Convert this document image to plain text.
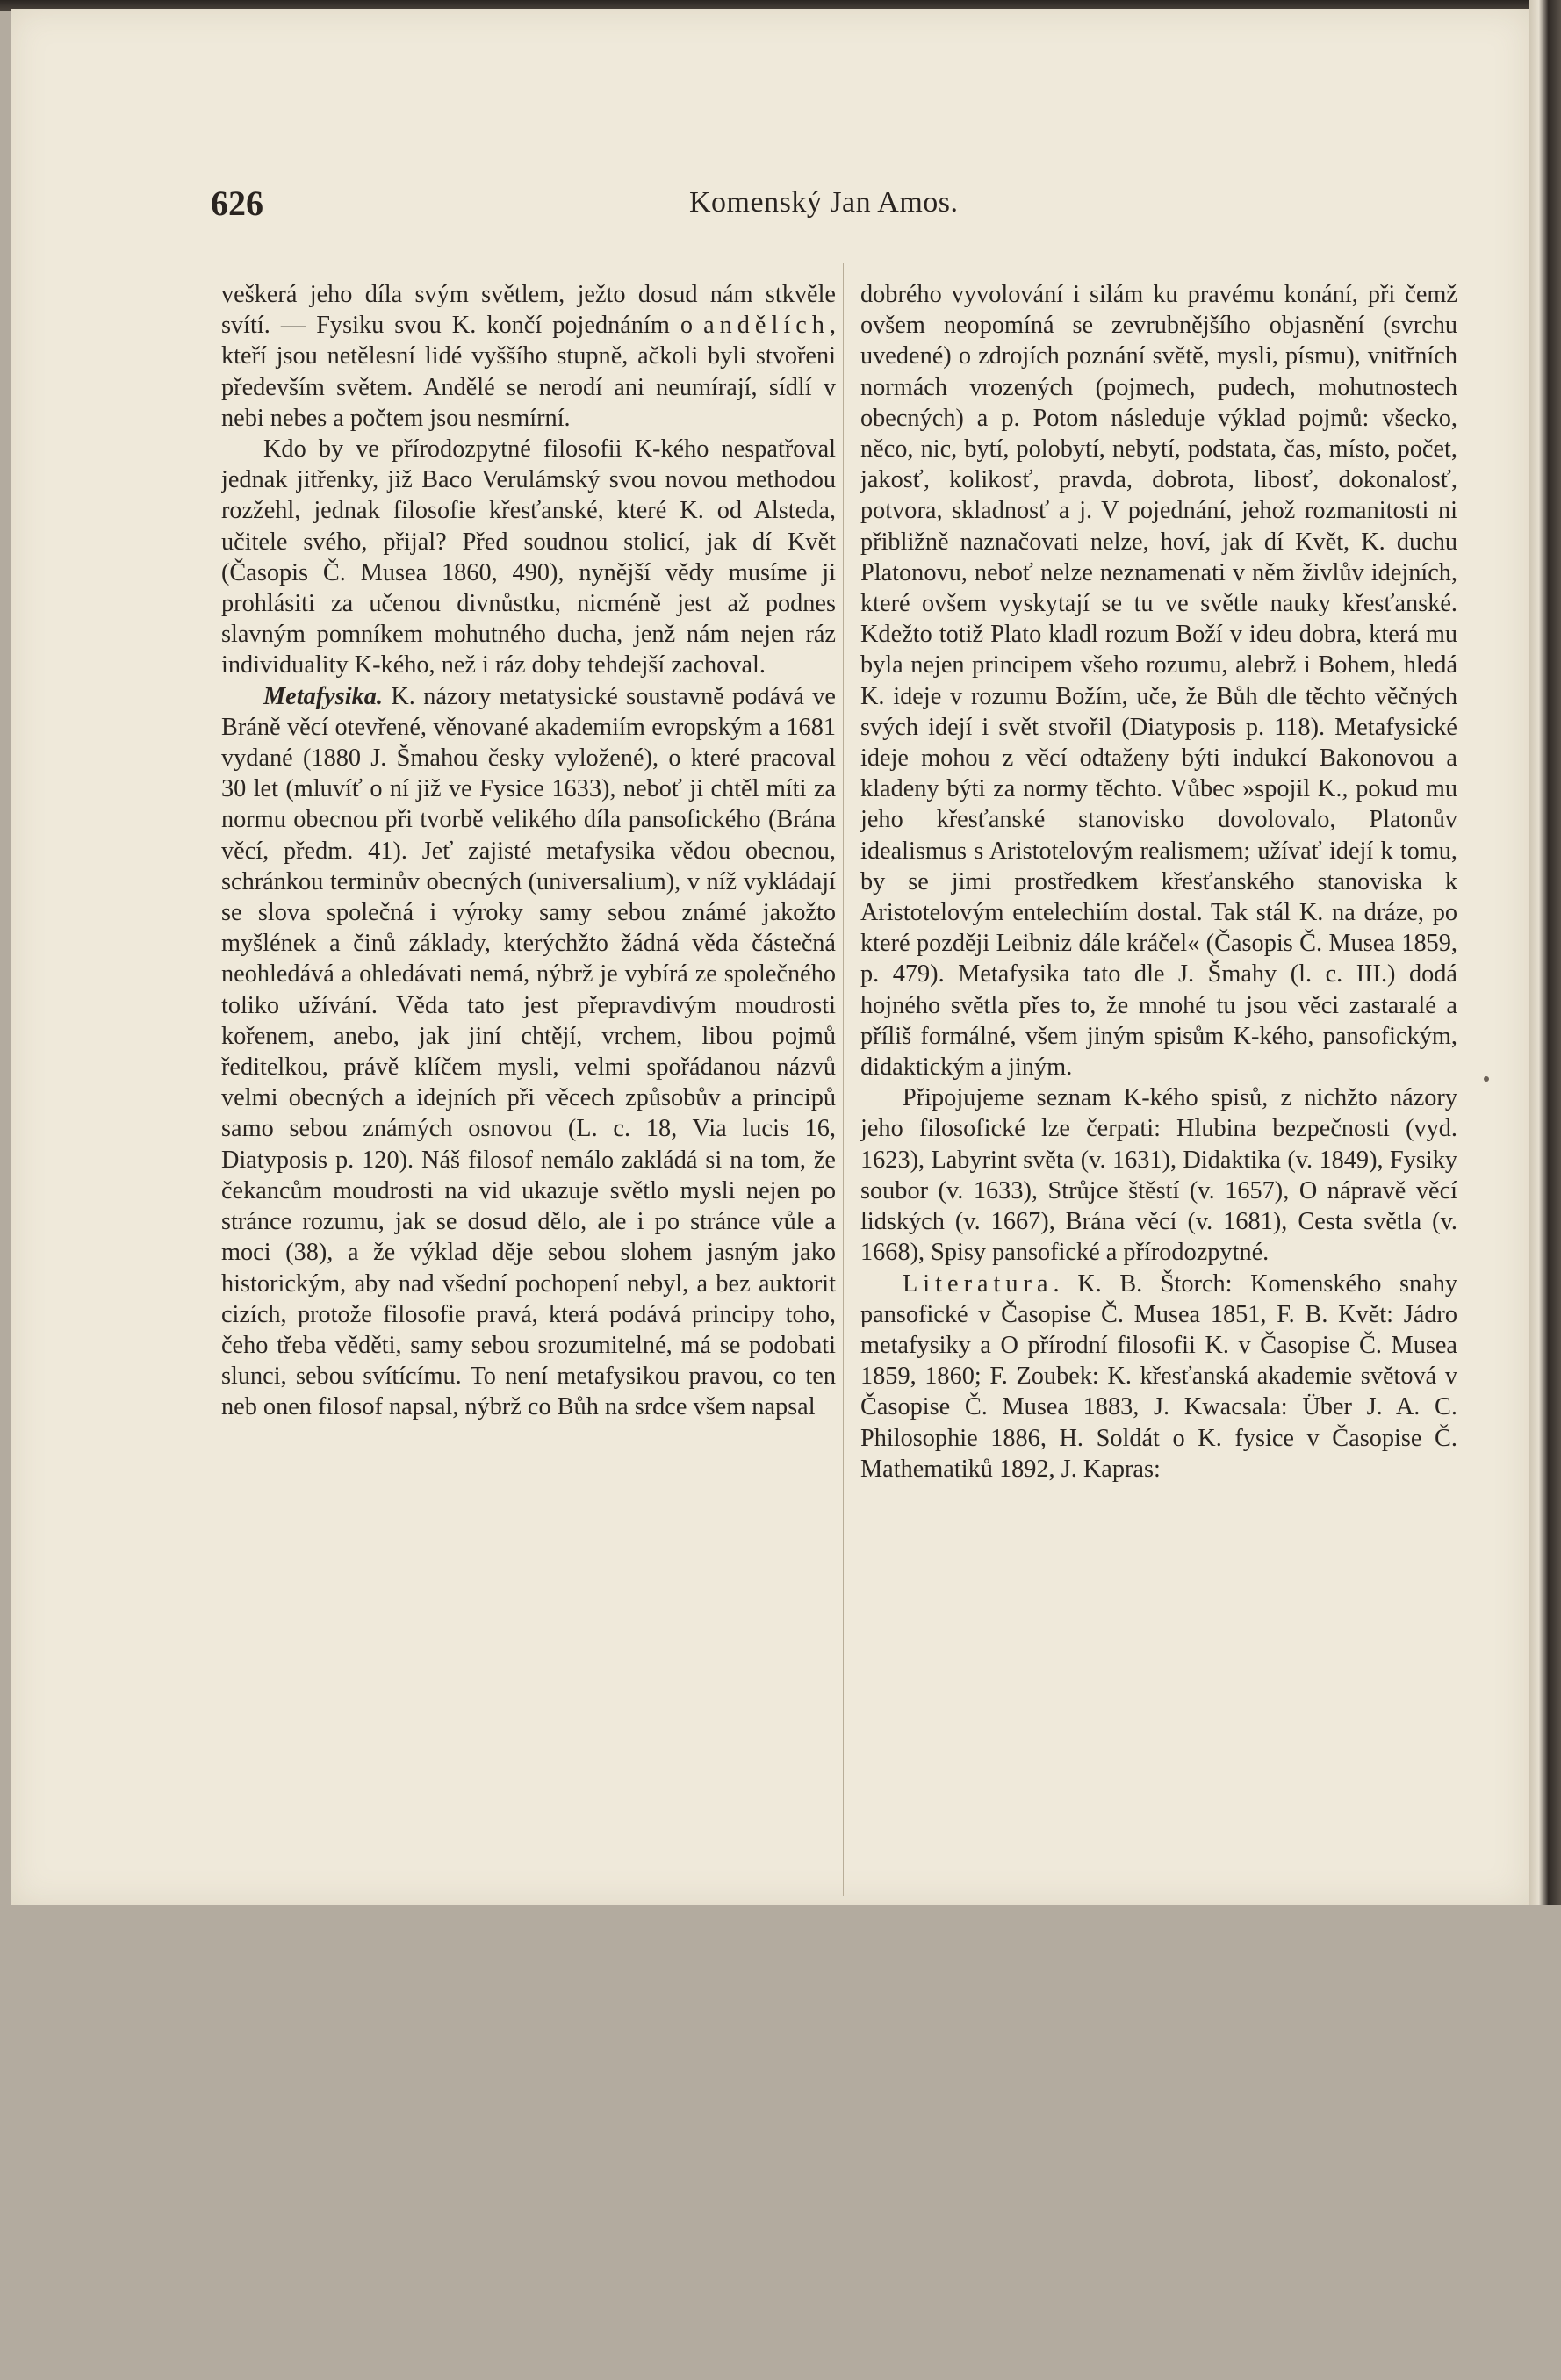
626	Komenský Jan Amos.

veškerá jeho díla svým světlem, ježto dosud nám stkvěle svítí. — Fysiku svou K. končí pojednáním o andělích, kteří jsou netělesní lidé vyššího stupně, ačkoli byli stvořeni především světem. Andělé se nerodí ani neumírají, sídlí v nebi nebes a počtem jsou nesmírní.

Kdo by ve přírodozpytné filosofii K-kého nespatřoval jednak jitřenky, již Baco Verulámský svou novou methodou rozžehl, jednak filosofie křesťanské, které K. od Alsteda, učitele svého, přijal? Před soudnou stolicí, jak dí Květ (Časopis Č. Musea 1860, 490), nynější vědy musíme ji prohlásiti za učenou divnůstku, nicméně jest až podnes slavným pomníkem mohutného ducha, jenž nám nejen ráz individuality K-kého, než i ráz doby tehdejší zachoval.

Metafysika. K. názory metatysické soustavně podává ve Bráně věcí otevřené, věnované akademiím evropským a 1681 vydané (1880 J. Šmahou česky vyložené), o které pracoval 30 let (mluvíť o ní již ve Fysice 1633), neboť ji chtěl míti za normu obecnou při tvorbě velikého díla pansofického (Brána věcí, předm. 41). Jeť zajisté metafysika vědou obecnou, schránkou terminův obecných (universalium), v níž vykládají se slova společná i výroky samy sebou známé jakožto myšlének a činů základy, kterýchžto žádná věda částečná neohledává a ohledávati nemá, nýbrž je vybírá ze společného toliko užívání. Věda tato jest přepravdivým moudrosti kořenem, anebo, jak jiní chtějí, vrchem, libou pojmů ředitelkou, právě klíčem mysli, velmi spořádanou názvů velmi obecných a idejních při věcech způsobův a principů samo sebou známých osnovou (L. c. 18, Via lucis 16, Diatyposis p. 120). Náš filosof nemálo zakládá si na tom, že čekancům moudrosti na vid ukazuje světlo mysli nejen po stránce rozumu, jak se dosud dělo, ale i po stránce vůle a moci (38), a že výklad děje sebou slohem jasným jako historickým, aby nad všední pochopení nebyl, a bez auktorit cizích, protože filosofie pravá, která podává principy toho, čeho třeba věděti, samy sebou srozumitelné, má se podobati slunci, sebou svítícímu. To není metafysikou pravou, co ten neb onen filosof napsal, nýbrž co Bůh na srdce všem napsal

dobrého vyvolování i silám ku pravému konání, při čemž ovšem neopomíná se zevrubnějšího objasnění (svrchu uvedené) o zdrojích poznání světě, mysli, písmu), vnitřních normách vrozených (pojmech, pudech, mohutnostech obecných) a p. Potom následuje výklad pojmů: všecko, něco, nic, bytí, polobytí, nebytí, podstata, čas, místo, počet, jakosť, kolikosť, pravda, dobrota, libosť, dokonalosť, potvora, skladnosť a j. V pojednání, jehož rozmanitosti ni přibližně naznačovati nelze, hoví, jak dí Květ, K. duchu Platonovu, neboť nelze neznamenati v něm živlův idejních, které ovšem vyskytají se tu ve světle nauky křesťanské. Kdežto totiž Plato kladl rozum Boží v ideu dobra, která mu byla nejen principem všeho rozumu, alebrž i Bohem, hledá K. ideje v rozumu Božím, uče, že Bůh dle těchto věčných svých idejí i svět stvořil (Diatyposis p. 118). Metafysické ideje mohou z věcí odtaženy býti indukcí Bakonovou a kladeny býti za normy těchto. Vůbec »spojil K., pokud mu jeho křesťanské stanovisko dovolovalo, Platonův idealismus s Aristotelovým realismem; užívať idejí k tomu, by se jimi prostředkem křesťanského stanoviska k Aristotelovým entelechiím dostal. Tak stál K. na dráze, po které později Leibniz dále kráčel« (Časopis Č. Musea 1859, p. 479). Metafysika tato dle J. Šmahy (l. c. III.) dodá hojného světla přes to, že mnohé tu jsou věci zastaralé a příliš formálné, všem jiným spisům K-kého, pansofickým, didaktickým a jiným.

Připojujeme seznam K-kého spisů, z nichžto názory jeho filosofické lze čerpati: Hlubina bezpečnosti (vyd. 1623), Labyrint světa (v. 1631), Didaktika (v. 1849), Fysiky soubor (v. 1633), Strůjce štěstí (v. 1657), O nápravě věcí lidských (v. 1667), Brána věcí (v. 1681), Cesta světla (v. 1668), Spisy pansofické a přírodozpytné.

Literatura. K. B. Štorch: Komenského snahy pansofické v Časopise Č. Musea 1851, F. B. Květ: Jádro metafysiky a O přírodní filosofii K. v Časopise Č. Musea 1859, 1860; F. Zoubek: K. křesťanská akademie světová v Časopise Č. Musea 1883, J. Kwacsala: Über J. A. C. Philosophie 1886, H. Soldát o K. fysice v Časopise Č. Mathematiků 1892, J. Kapras:
